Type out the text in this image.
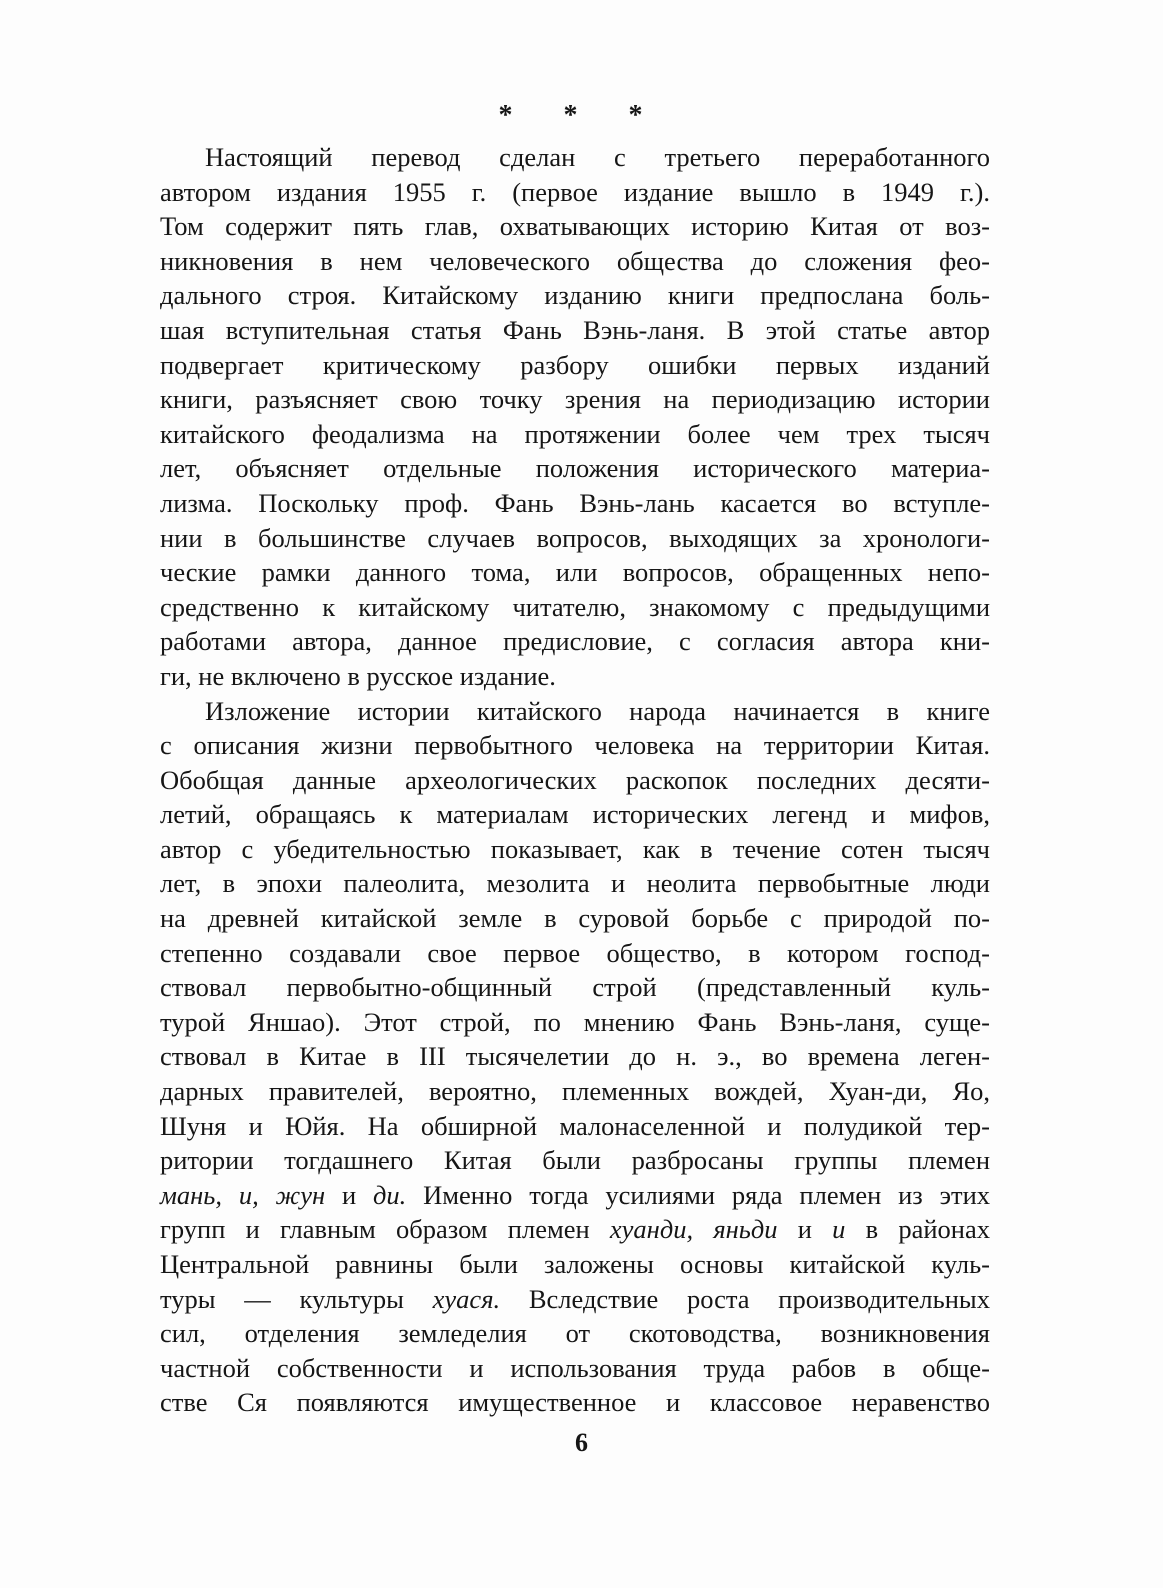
* * *
Настоящий перевод сделан с третьего переработанного
автором издания 1955 г. (первое издание вышло в 1949 г.).
Том содержит пять глав, охватывающих историю Китая от воз-
никновения в нем человеческого общества до сложения фео-
дального строя. Китайскому изданию книги предпослана боль-
шая вступительная статья Фань Вэнь-ланя. В этой статье автор
подвергает критическому разбору ошибки первых изданий
книги, разъясняет свою точку зрения на периодизацию истории
китайского феодализма на протяжении более чем трех тысяч
лет, объясняет отдельные положения исторического материа-
лизма. Поскольку проф. Фань Вэнь-лань касается во вступле-
нии в большинстве случаев вопросов, выходящих за хронологи-
ческие рамки данного тома, или вопросов, обращенных непо-
средственно к китайскому читателю, знакомому с предыдущими
работами автора, данное предисловие, с согласия автора кни-
ги, не включено в русское издание.
Изложение истории китайского народа начинается в книге
с описания жизни первобытного человека на территории Китая.
Обобщая данные археологических раскопок последних десяти-
летий, обращаясь к материалам исторических легенд и мифов,
автор с убедительностью показывает, как в течение сотен тысяч
лет, в эпохи палеолита, мезолита и неолита первобытные люди
на древней китайской земле в суровой борьбе с природой по-
степенно создавали свое первое общество, в котором господ-
ствовал первобытно-общинный строй (представленный куль-
турой Яншао). Этот строй, по мнению Фань Вэнь-ланя, суще-
ствовал в Китае в III тысячелетии до н. э., во времена леген-
дарных правителей, вероятно, племенных вождей, Хуан-ди, Яо,
Шуня и Юйя. На обширной малонаселенной и полудикой тер-
ритории тогдашнего Китая были разбросаны группы племен
мань, и, жун и ди. Именно тогда усилиями ряда племен из этих
групп и главным образом племен хуанди, яньди и и в районах
Центральной равнины были заложены основы китайской куль-
туры — культуры хуася. Вследствие роста производительных
сил, отделения земледелия от скотоводства, возникновения
частной собственности и использования труда рабов в обще-
стве Ся появляются имущественное и классовое неравенство
6
